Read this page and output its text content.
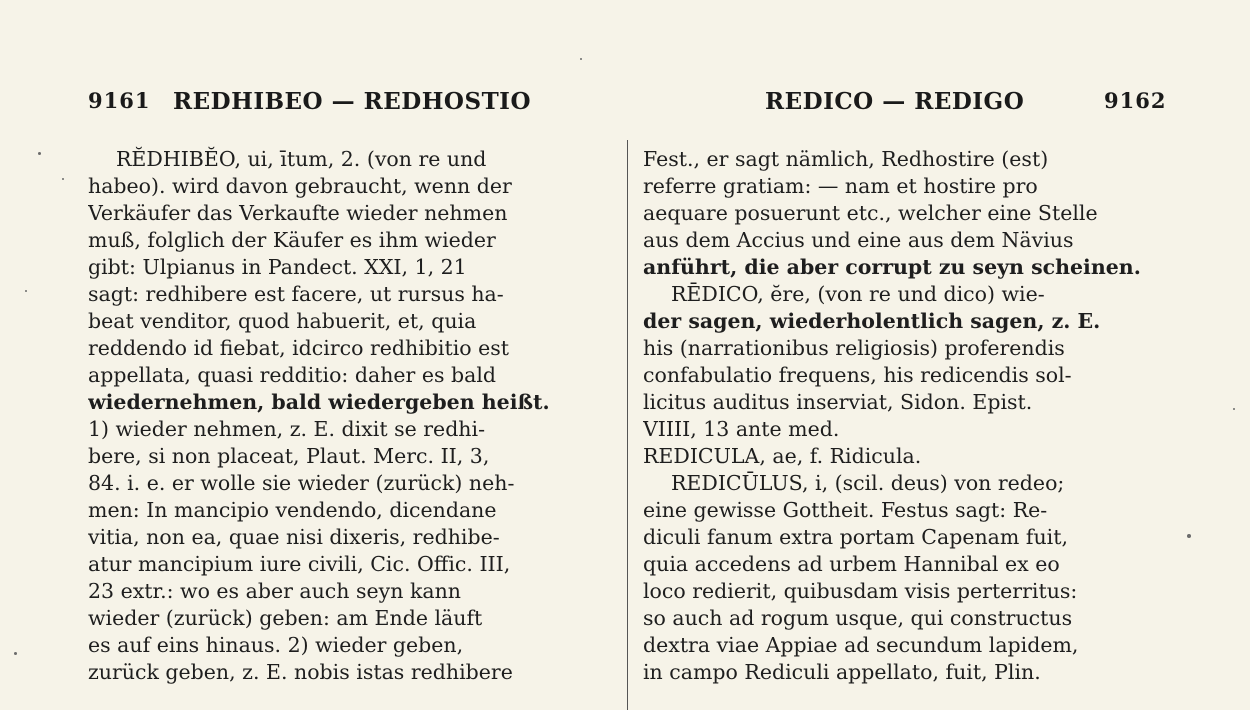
9161 REDHIBEO — REDHOSTIO	REDICO — REDIGO	9162
RĔDHIBĔO, ui, ītum, 2. (von re und
habeo). wird davon gebraucht, wenn der
Verkäufer das Verkaufte wieder nehmen
muß, folglich der Käufer es ihm wieder
gibt: Ulpianus in Pandect. XXI, 1, 21
sagt: redhibere est facere, ut rursus ha-
beat venditor, quod habuerit, et, quia
reddendo id fiebat, idcirco redhibitio est
appellata, quasi redditio: daher es bald
wiedernehmen, bald wiedergeben heißt.
1) wieder nehmen, z. E. dixit se redhi-
bere, si non placeat, Plaut. Merc. II, 3,
84. i. e. er wolle sie wieder (zurück) neh-
men: In mancipio vendendo, dicendane
vitia, non ea, quae nisi dixeris, redhibe-
atur mancipium iure civili, Cic. Offic. III,
23 extr.: wo es aber auch seyn kann
wieder (zurück) geben: am Ende läuft
es auf eins hinaus. 2) wieder geben,
zurück geben, z. E. nobis istas redhibere
Fest., er sagt nämlich, Redhostire (est)
referre gratiam: — nam et hostire pro
aequare posuerunt etc., welcher eine Stelle
aus dem Accius und eine aus dem Nävius
anführt, die aber corrupt zu seyn scheinen.
RĒDICO, ĕre, (von re und dico) wie-
der sagen, wiederholentlich sagen, z. E.
his (narrationibus religiosis) proferendis
confabulatio frequens, his redicendis sol-
licitus auditus inserviat, Sidon. Epist.
VIIII, 13 ante med.
REDICULA, ae, f. Ridicula.
REDICŪLUS, i, (scil. deus) von redeo;
eine gewisse Gottheit. Festus sagt: Re-
diculi fanum extra portam Capenam fuit,
quia accedens ad urbem Hannibal ex eo
loco redierit, quibusdam visis perterritus:
so auch ad rogum usque, qui constructus
dextra viae Appiae ad secundum lapidem,
in campo Rediculi appellato, fuit, Plin.
